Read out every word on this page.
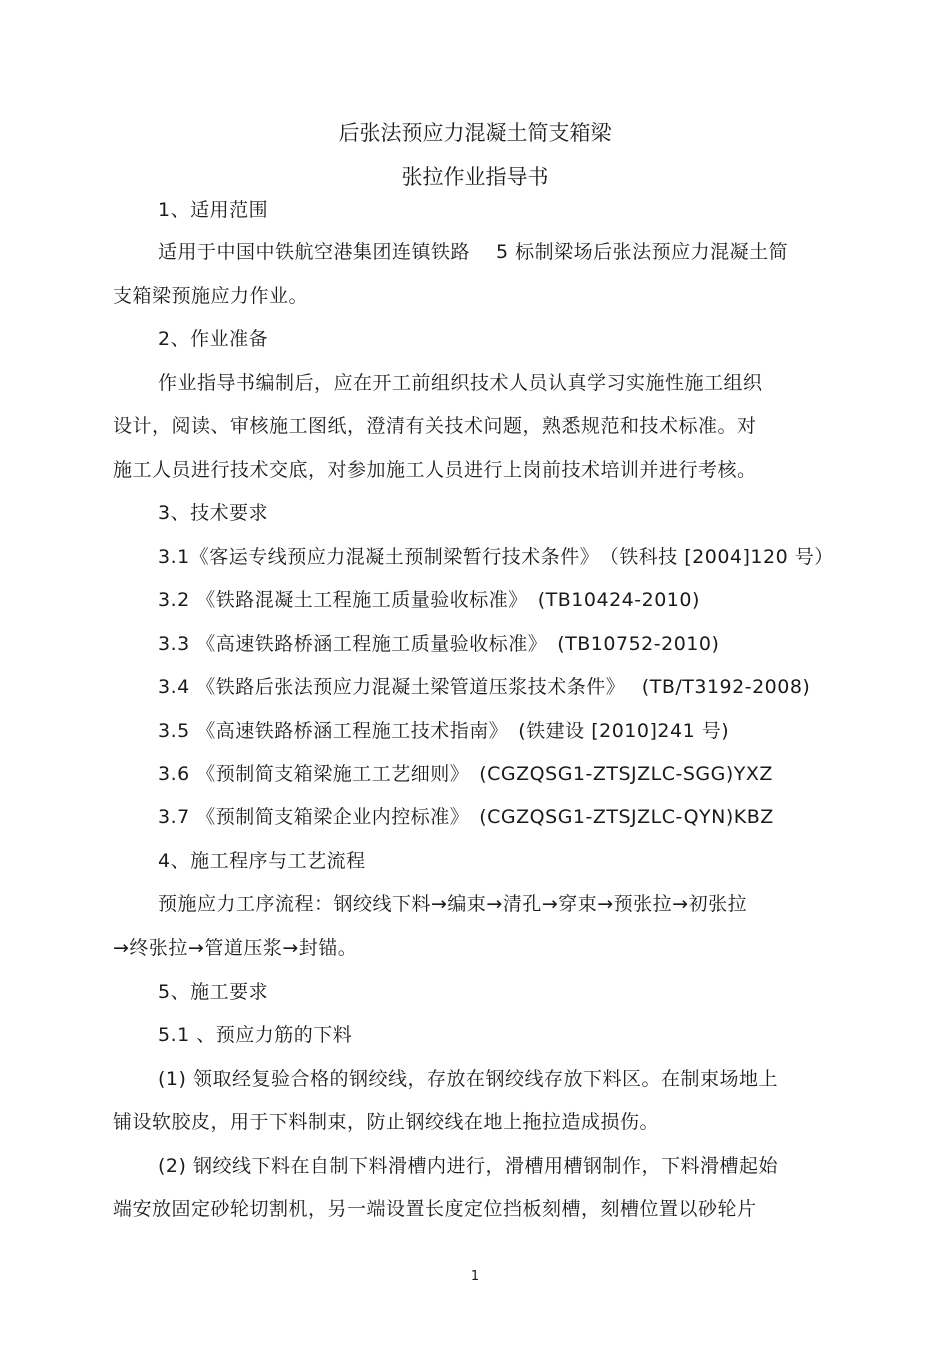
后张法预应力混凝土简支箱梁
张拉作业指导书
1、适用范围
适用于中国中铁航空港集团连镇铁路　 5 标制梁场后张法预应力混凝土简
支箱梁预施应力作业。
2、作业准备
作业指导书编制后，应在开工前组织技术人员认真学习实施性施工组织
设计，阅读、审核施工图纸，澄清有关技术问题，熟悉规范和技术标准。对
施工人员进行技术交底，对参加施工人员进行上岗前技术培训并进行考核。
3、技术要求
3.1《客运专线预应力混凝土预制梁暂行技术条件》　（铁科技 [2004]120 号）
3.2 《铁路混凝土工程施工质量验收标准》　(TB10424-2010)
3.3 《高速铁路桥涵工程施工质量验收标准》　(TB10752-2010)
3.4 《铁路后张法预应力混凝土梁管道压浆技术条件》　 (TB/T3192-2008)
3.5 《高速铁路桥涵工程施工技术指南》　(铁建设 [2010]241 号)
3.6 《预制简支箱梁施工工艺细则》　(CGZQSG1-ZTSJZLC-SGG)YXZ
3.7 《预制简支箱梁企业内控标准》　(CGZQSG1-ZTSJZLC-QYN)KBZ
4、施工程序与工艺流程
预施应力工序流程：钢绞线下料→编束→清孔→穿束→预张拉→初张拉
→终张拉→管道压浆→封锚。
5、施工要求
5.1 、预应力筋的下料
(1) 领取经复验合格的钢绞线，存放在钢绞线存放下料区。在制束场地上
铺设软胶皮，用于下料制束，防止钢绞线在地上拖拉造成损伤。
(2) 钢绞线下料在自制下料滑槽内进行，滑槽用槽钢制作，下料滑槽起始
端安放固定砂轮切割机，另一端设置长度定位挡板刻槽，刻槽位置以砂轮片
1
